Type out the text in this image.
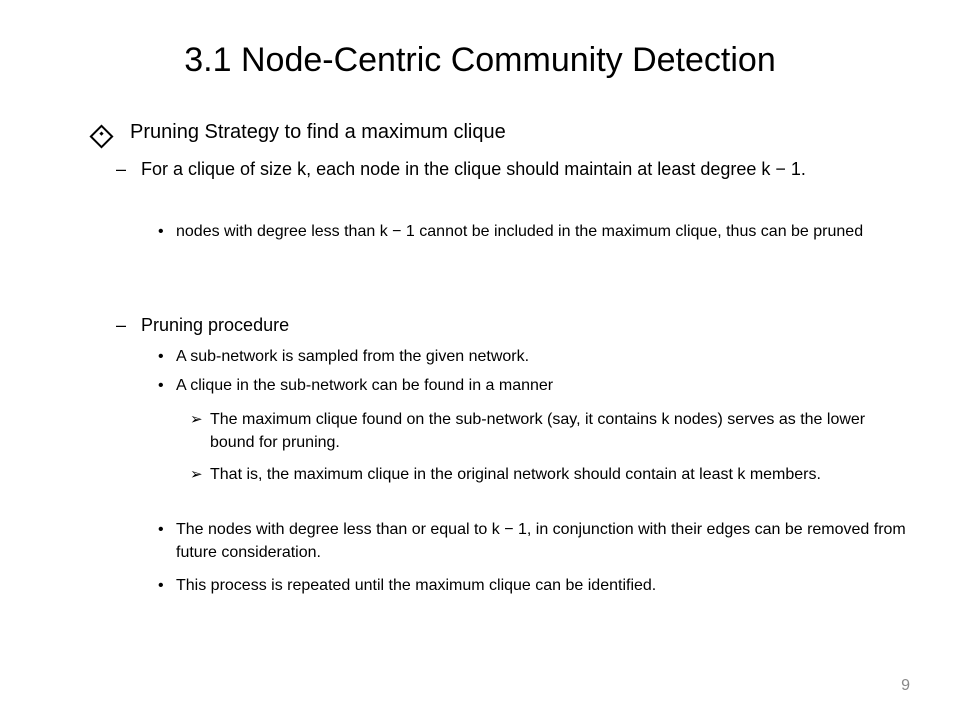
3.1 Node-Centric Community Detection
Pruning Strategy to find a maximum clique
– For a clique of size k, each node in the clique should maintain at least degree k − 1.
• nodes with degree less than k − 1 cannot be included in the maximum clique, thus can be pruned
– Pruning procedure
• A sub-network is sampled from the given network.
• A clique in the sub-network can be found in a manner
➢ The maximum clique found on the sub-network (say, it contains k nodes) serves as the lower bound for pruning.
➢ That is, the maximum clique in the original network should contain at least k members.
• The nodes with degree less than or equal to k − 1, in conjunction with their edges can be removed from future consideration.
• This process is repeated until the maximum clique can be identified.
9
